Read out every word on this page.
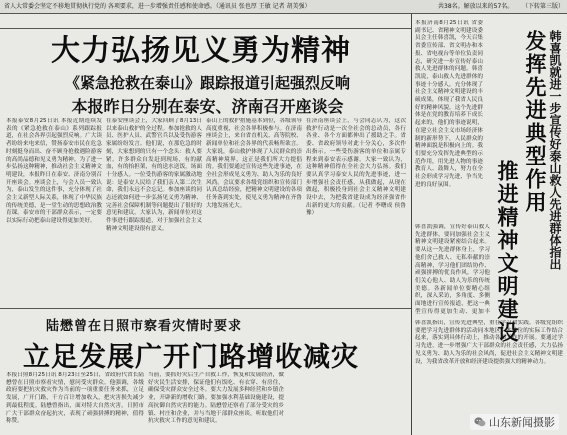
省人大常委会坚定不移地贯彻执行党的 各项要求，进一步增强责任感和使命感。（通讯员 张也厚 王敏 记者 胡美强）	共38名。解放以来的57名。 （下转第三版）
大力弘扬见义勇为精神
《紧急抢救在泰山》跟踪报道引起强烈反响
本报昨日分别在泰安、济南召开座谈会

本报泰安8月25日讯 本报近期连续发表的《紧急抢救在泰山》系列跟踪报道，在社会各界引起强烈反响。广大读者纷纷来电来信，赞扬泰安市民在危急时刻挺身而出、奋不顾身抢救遇险游客的高尚品德和见义勇为精神。为了进一步弘扬这种精神，推动社会主义精神文明建设，本报昨日在泰安、济南分别召开座谈会。座谈会上，与会人员一致认为，泰山发生的这件事，充分体现了社会主义新型人际关系，体现了中华民族的传统美德，是一堂生动的思想政治教育课。泰安市的干部群众表示，一定要以实际行动把泰山建设得更加美好。

在泰安座谈会上，大家回顾了8月13日以来泰山救护的全过程。参加抢救的人员、医护人员、武警官兵以及受伤游客家属纷纷发言。他们说，在那危急的时刻，大家想到的只有一个念头：救人要紧。许多群众自发赶到现场，有的献血，有的抬担架，有的送水送饭，场面十分感人。一位受伤游客的家属激动地说：是泰安人民给了我们亲人第二次生命，我们永远不会忘记。参加座谈的同志还就如何进一步弘扬见义勇为精神、完善社会保障机制等问题提出了很好的意见和建议。大家认为，新闻单位对这件事进行跟踪报道，对于加强社会主义精神文明建设很有意义。

泰山上的救护措施基本到位，各级领导高度重视，社会各界积极参与。在济南座谈会上，来自省直机关、高等院校、新闻单位和社会各界的代表畅所欲言。大家说，泰山救护体现了人民群众的崇高精神境界，这正是我们所大力提倡的。我们要通过宣传这些先进事迹，在全社会形成见义勇为、助人为乐的良好风尚。会议要求各级党组织和宣传部门认真总结经验，把精神文明建设的各项任务落到实处，使见义勇为精神在齐鲁大地发扬光大。

在济南座谈会上，与会同志认为，这次救护行动是一次全社会的总动员，各行各业、各个方面都伸出了援助之手。省委、省政府领导对此十分关心，多次作出指示。一些受伤游客的单位和亲属专程来到泰安表示感谢。大家一致认为，这种精神值得在全社会大力弘扬。我们要认真学习泰安人民的先进事迹，进一步增强社会责任感，从我做起，从现在做起，积极投身到社会主义精神文明建设中去，为把我省建设成为经济强省作出新的更大的贡献。（记者 李曙成 侯鲁豫）

陆懋曾在日照市察看灾情时要求
立足发展广开门路增收减灾

本报日照8月25日讯 8月23日至25日，省政府代省长陆懋曾在日照市察看灾情，慰问受灾群众。他强调，各级政府要把抗灾救灾作为当前的一项重要任务来抓，立足发展，广开门路，千方百计增加收入，把灾害损失减少到最低程度。陆懋曾指出，面对特大自然灾害，日照市广大干部群众奋起抗灾，表现了顽强拼搏的精神，值得称赞。

当前，要抓好灾后生产自救工作，恢复和发展经济，做好灾民生活安排，保证他们有饭吃、有衣穿、有房住，确保受灾群众安全过冬。要大力发展多种经营和乡镇企业，开辟新的增收门路。要加强水利基础设施建设，提高抗御自然灾害的能力。陆懋曾还察看了部分受灾的乡镇、村庄和企业，并与当地干部群众座谈，听取他们对抗灾救灾工作的意见和建议。

本报济南8月25日讯 省委副书记、省精神文明建设委员会主任韩喜凯，今天召集省委宣传部、省文明办和本报、省电视台等单位负责同志，研究进一步宣传好泰山救人先进群体的问题。韩喜凯说，泰山救人先进群体的事迹十分感人，充分体现了社会主义精神文明建设的丰硕成果，体现了我省人民良好的精神风貌。这个先进群体是在党的教育培养下成长起来的，他们的事迹说明，在建立社会主义市场经济体制的新形势下，人民群众的精神面貌是积极向上的。我们要充分发挥先进典型的示范作用，用先进人物的事迹教育人、鼓舞人，努力在全社会形成学习先进、争当先进的良好氛围。	发挥先进典型作用 韩喜凯就进一步宣传好泰山救人先进群体指出
推进精神文明建设

韩喜凯强调，宣传好泰山救人先进群体，要同加强社会主义精神文明建设紧密结合起来。要从这一先进群体身上，学习他们舍己救人、无私奉献的崇高精神，学习他们团结协作、顽强拼搏的优良作风，学习他们关心他人、助人为乐的传统美德。各新闻单位要精心组织，深入采访，多角度、多侧面地进行宣传报道，把这一典型宣传得更加生动、更加丰

韩喜凯指出，宣传先进典型，重在学习和实践。各级党组织要把学习先进群体的活动同本地区、本单位的实际工作结合起来，落实到具体行动上，推动各项工作的开展。要通过学习先进，进一步增强广大干部群众的社会责任感，大力弘扬见义勇为、助人为乐的社会风尚，促进社会主义精神文明建设，为我省改革开放和经济建设提供强大的精神动力。

山东新闻摄影
